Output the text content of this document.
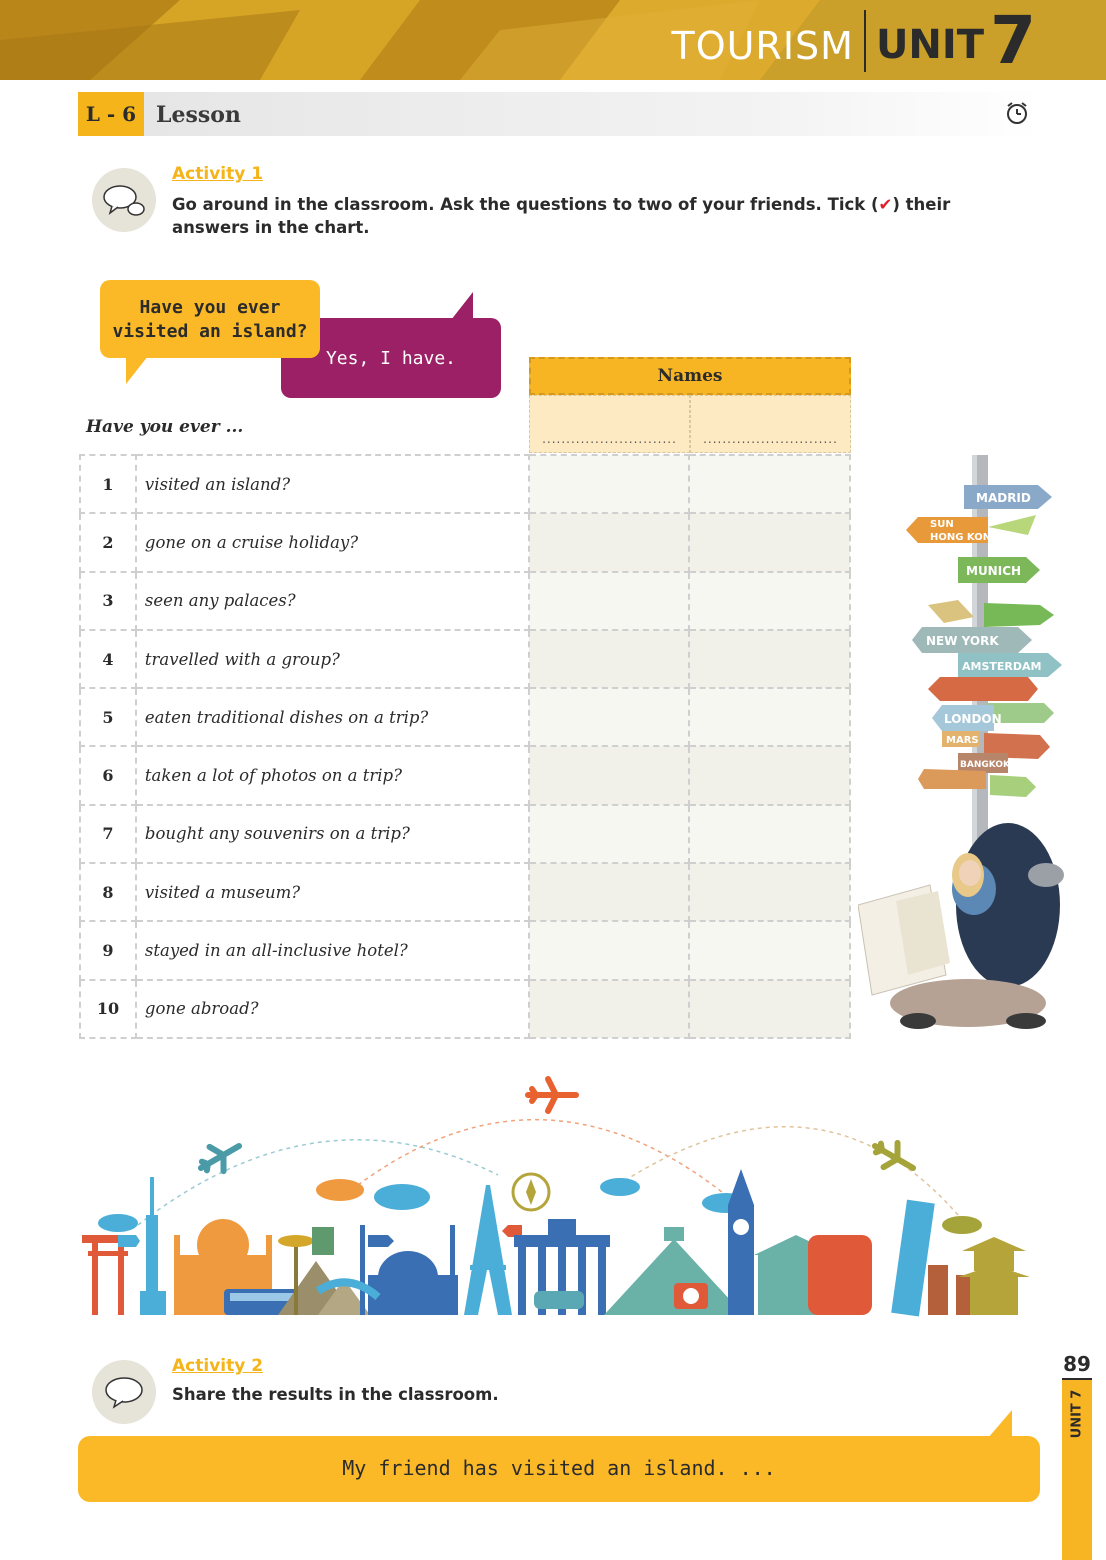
TOURISM UNIT 7
L - 6 Lesson
Activity 1
Go around in the classroom. Ask the questions to two of your friends. Tick (✔) their answers in the chart.
Yes, I have.
Have you ever visited an island?
Names
............................	............................
Have you ever ...
1	visited an island?		
2	gone on a cruise holiday?		
3	seen any palaces?		
4	travelled with a group?		
5	eaten traditional dishes on a trip?		
6	taken a lot of photos on a trip?		
7	bought any souvenirs on a trip?		
8	visited a museum?		
9	stayed in an all-inclusive hotel?		
10	gone abroad?		
MADRID
SUN
HONG KONG
MUNICH
NEW YORK
AMSTERDAM
LONDON
MARS
BANGKOK
Activity 2
Share the results in the classroom.
My friend has visited an island. ...
89
UNIT 7
